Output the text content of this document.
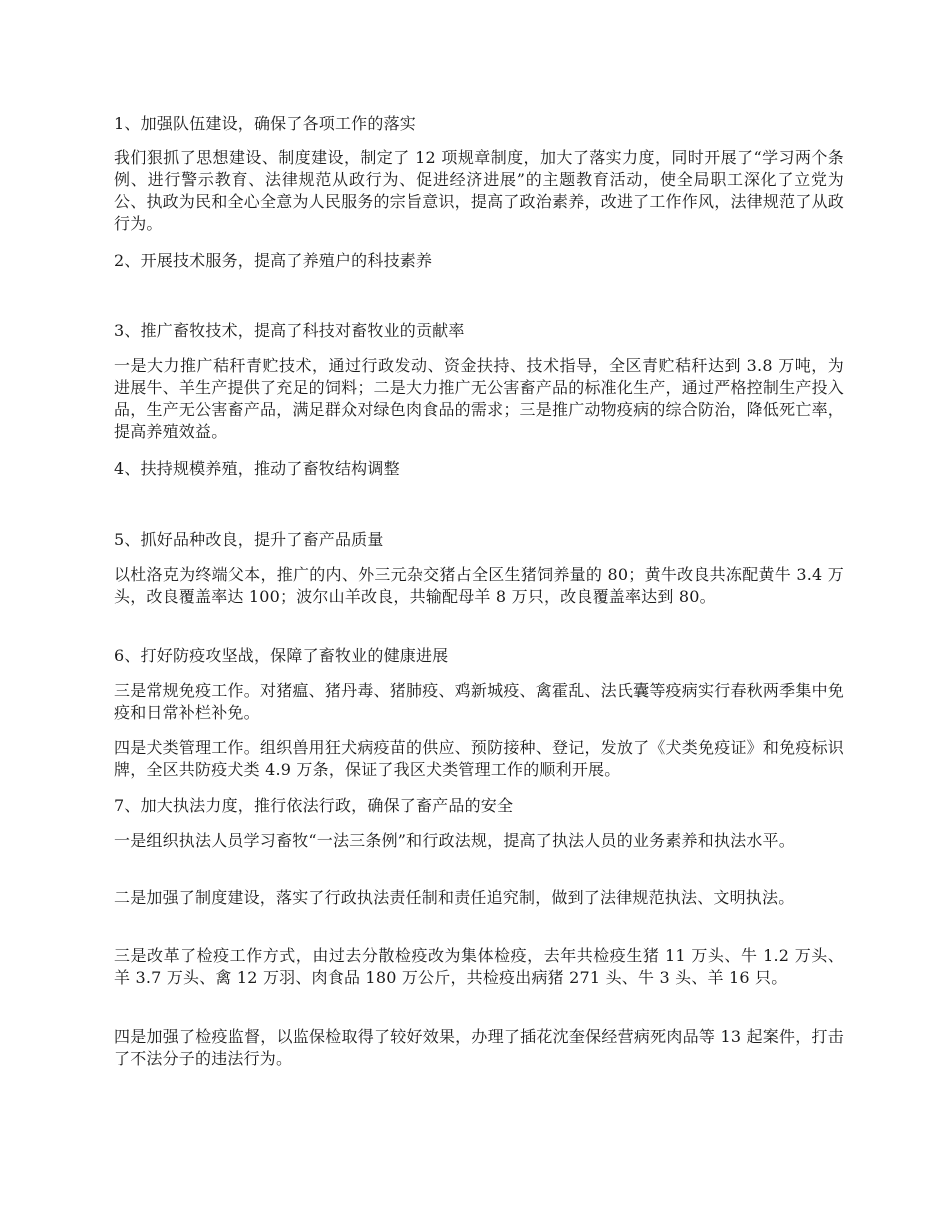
1、加强队伍建设，确保了各项工作的落实

我们狠抓了思想建设、制度建设，制定了 12 项规章制度，加大了落实力度，同时开展了“学习两个条例、进行警示教育、法律规范从政行为、促进经济进展”的主题教育活动，使全局职工深化了立党为公、执政为民和全心全意为人民服务的宗旨意识，提高了政治素养，改进了工作作风，法律规范了从政行为。

2、开展技术服务，提高了养殖户的科技素养

3、推广畜牧技术，提高了科技对畜牧业的贡献率

一是大力推广秸秆青贮技术，通过行政发动、资金扶持、技术指导，全区青贮秸秆达到 3.8 万吨，为进展牛、羊生产提供了充足的饲料；二是大力推广无公害畜产品的标准化生产，通过严格控制生产投入品，生产无公害畜产品，满足群众对绿色肉食品的需求；三是推广动物疫病的综合防治，降低死亡率，提高养殖效益。

4、扶持规模养殖，推动了畜牧结构调整

5、抓好品种改良，提升了畜产品质量

以杜洛克为终端父本，推广的内、外三元杂交猪占全区生猪饲养量的 80；黄牛改良共冻配黄牛 3.4 万头，改良覆盖率达 100；波尔山羊改良，共输配母羊 8 万只，改良覆盖率达到 80。

6、打好防疫攻坚战，保障了畜牧业的健康进展

三是常规免疫工作。对猪瘟、猪丹毒、猪肺疫、鸡新城疫、禽霍乱、法氏囊等疫病实行春秋两季集中免疫和日常补栏补免。

四是犬类管理工作。组织兽用狂犬病疫苗的供应、预防接种、登记，发放了《犬类免疫证》和免疫标识牌，全区共防疫犬类 4.9 万条，保证了我区犬类管理工作的顺利开展。

7、加大执法力度，推行依法行政，确保了畜产品的安全

一是组织执法人员学习畜牧“一法三条例”和行政法规，提高了执法人员的业务素养和执法水平。

二是加强了制度建设，落实了行政执法责任制和责任追究制，做到了法律规范执法、文明执法。

三是改革了检疫工作方式，由过去分散检疫改为集体检疫，去年共检疫生猪 11 万头、牛 1.2 万头、羊 3.7 万头、禽 12 万羽、肉食品 180 万公斤，共检疫出病猪 271 头、牛 3 头、羊 16 只。

四是加强了检疫监督，以监保检取得了较好效果，办理了插花沈奎保经营病死肉品等 13 起案件，打击了不法分子的违法行为。
